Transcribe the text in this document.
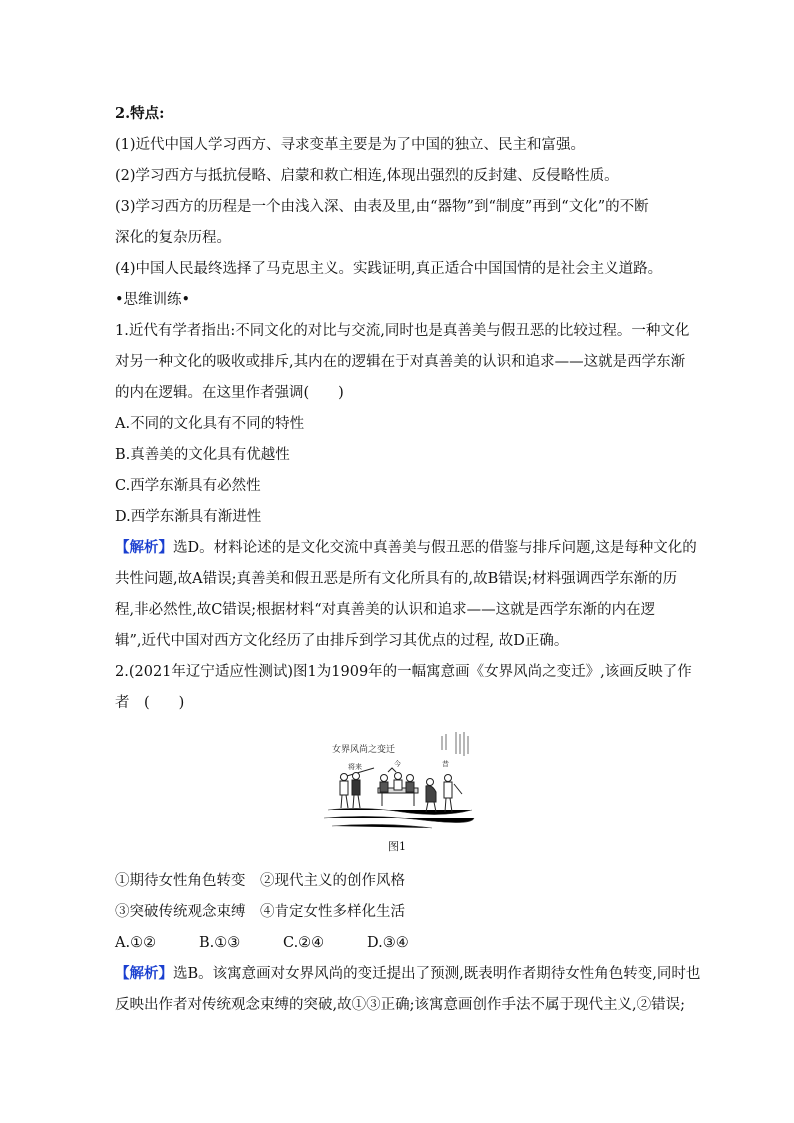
2.特点:
(1)近代中国人学习西方、寻求变革主要是为了中国的独立、民主和富强。
(2)学习西方与抵抗侵略、启蒙和救亡相连,体现出强烈的反封建、反侵略性质。
(3)学习西方的历程是一个由浅入深、由表及里,由“器物”到“制度”再到“文化”的不断
深化的复杂历程。
(4)中国人民最终选择了马克思主义。实践证明,真正适合中国国情的是社会主义道路。
•思维训练•
1.近代有学者指出:不同文化的对比与交流,同时也是真善美与假丑恶的比较过程。一种文化
对另一种文化的吸收或排斥,其内在的逻辑在于对真善美的认识和追求——这就是西学东渐
的内在逻辑。在这里作者强调(　　)
A.不同的文化具有不同的特性
B.真善美的文化具有优越性
C.西学东渐具有必然性
D.西学东渐具有渐进性
【解析】选D。材料论述的是文化交流中真善美与假丑恶的借鉴与排斥问题,这是每种文化的
共性问题,故A错误;真善美和假丑恶是所有文化所具有的,故B错误;材料强调西学东渐的历
程,非必然性,故C错误;根据材料“对真善美的认识和追求——这就是西学东渐的内在逻
辑”,近代中国对西方文化经历了由排斥到学习其优点的过程, 故D正确。
2.(2021年辽宁适应性测试)图1为1909年的一幅寓意画《女界风尚之变迁》,该画反映了作
者　(　　)
女界风尚之变迁
将来	今	昔
图1
①期待女性角色转变　②现代主义的创作风格
③突破传统观念束缚　④肯定女性多样化生活
A.①②	B.①③	C.②④	D.③④
【解析】选B。该寓意画对女界风尚的变迁提出了预测,既表明作者期待女性角色转变,同时也
反映出作者对传统观念束缚的突破,故①③正确;该寓意画创作手法不属于现代主义,②错误;
